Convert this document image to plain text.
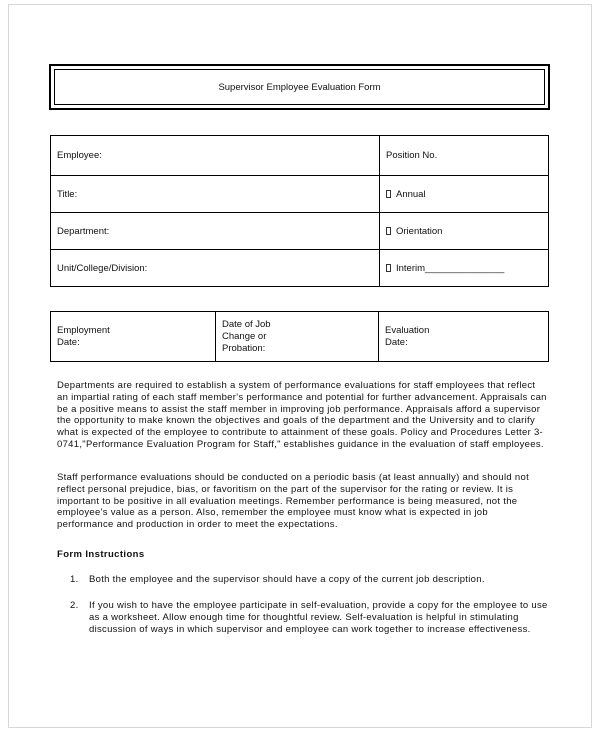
Supervisor Employee Evaluation Form
Employee:	Position No.
Title:	Annual
Department:	Orientation
Unit/College/Division:	Interim_______________
Employment
Date:

Date of Job
Change or
Probation:

Evaluation
Date:
Departments are required to establish a system of performance evaluations for staff employees that reflect an impartial rating of each staff member's performance and potential for further advancement. Appraisals can be a positive means to assist the staff member in improving job performance. Appraisals afford a supervisor the opportunity to make known the objectives and goals of the department and the University and to clarify what is expected of the employee to contribute to attainment of these goals. Policy and Procedures Letter 3-0741,"Performance Evaluation Program for Staff," establishes guidance in the evaluation of staff employees.
Staff performance evaluations should be conducted on a periodic basis (at least annually) and should not reflect personal prejudice, bias, or favoritism on the part of the supervisor for the rating or review. It is important to be positive in all evaluation meetings. Remember performance is being measured, not the employee's value as a person. Also, remember the employee must know what is expected in job performance and production in order to meet the expectations.
Form Instructions
1. Both the employee and the supervisor should have a copy of the current job description.
2. If you wish to have the employee participate in self-evaluation, provide a copy for the employee to use as a worksheet. Allow enough time for thoughtful review. Self-evaluation is helpful in stimulating discussion of ways in which supervisor and employee can work together to increase effectiveness.
